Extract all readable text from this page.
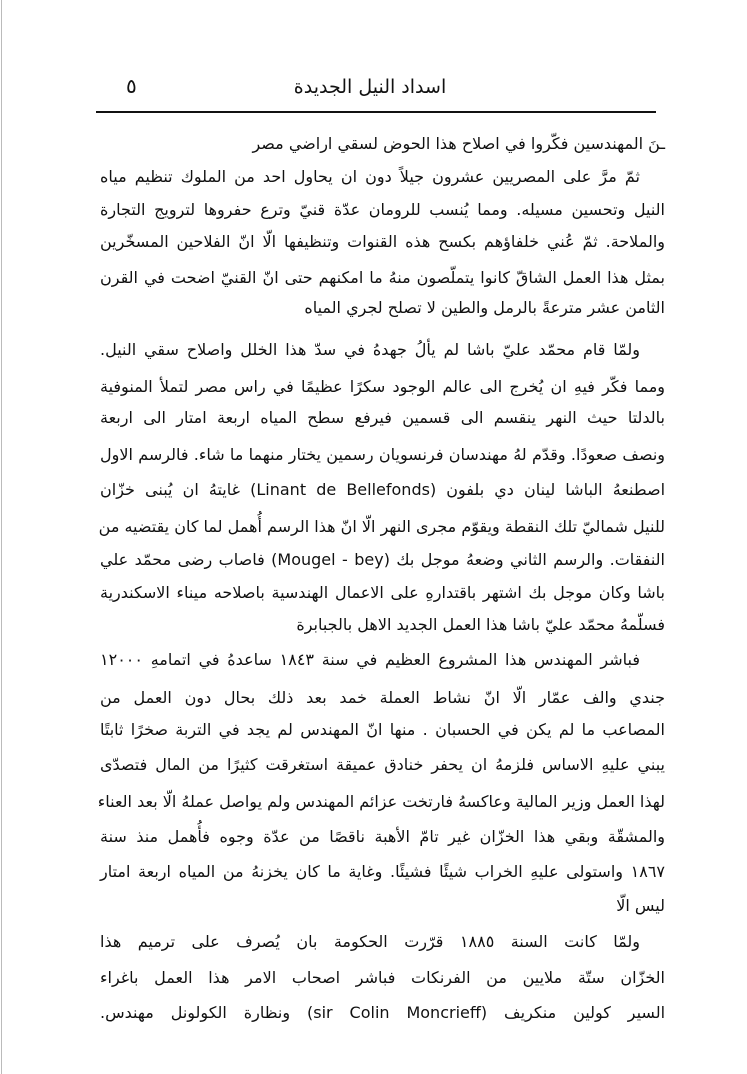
٥	اسداد النيل الجديدة
ـنَ المهندسين فكّروا في اصلاح هذا الحوض لسقي اراضي مصر
ثمّ مرَّ على المصريين عشرون جيلاً دون ان يحاول احد من الملوك تنظيم مياه
النيل وتحسين مسيله. ومما يُنسب للرومان عدّة قنيّ وترع حفروها لترويج التجارة
والملاحة. ثمّ عُني خلفاؤهم بكسح هذه القنوات وتنظيفها الّا انّ الفلاحين المسخّرين
بمثل هذا العمل الشاقّ كانوا يتملّصون منهُ ما امكنهم حتى انّ القنيّ اضحت في القرن
الثامن عشر مترعةً بالرمل والطين لا تصلح لجري المياه
ولمّا قام محمّد عليّ باشا لم يألُ جهدهُ في سدّ هذا الخلل واصلاح سقي النيل.
ومما فكّر فيهِ ان يُخرج الى عالم الوجود سكرًا عظيمًا في راس مصر لتملأ المنوفية
بالدلتا حيث النهر ينقسم الى قسمين فيرفع سطح المياه اربعة امتار الى اربعة
ونصف صعودًا. وقدّم لهُ مهندسان فرنسويان رسمين يختار منهما ما شاء. فالرسم الاول
اصطنعهُ الباشا لينان دي بلفون (Linant de Bellefonds) غايتهُ ان يُبنى خزّان
للنيل شماليّ تلك النقطة ويقوّم مجرى النهر الّا انّ هذا الرسم أُهمل لما كان يقتضيه من
النفقات. والرسم الثاني وضعهُ موجل بك (Mougel - bey) فاصاب رضى محمّد علي
باشا وكان موجل بك اشتهر باقتدارهِ على الاعمال الهندسية باصلاحه ميناء الاسكندرية
فسلّمهُ محمّد عليّ باشا هذا العمل الجديد الاهل بالجبابرة
فباشر المهندس هذا المشروع العظيم في سنة ١٨٤٣ ساعدهُ في اتمامهِ ١٢٠٠٠
جندي والف عمّار الّا انّ نشاط العملة خمد بعد ذلك بحال دون العمل من
المصاعب ما لم يكن في الحسبان . منها انّ المهندس لم يجد في التربة صخرًا ثابتًا
يبني عليهِ الاساس فلزمهُ ان يحفر خنادق عميقة استغرقت كثيرًا من المال فتصدّى
لهذا العمل وزير المالية وعاكسهُ فارتخت عزائم المهندس ولم يواصل عملهُ الّا بعد العناء
والمشقّة وبقي هذا الخزّان غير تامّ الأهبة ناقصًا من عدّة وجوه فأُهمل منذ سنة
١٨٦٧ واستولى عليهِ الخراب شيئًا فشيئًا. وغاية ما كان يخزنهُ من المياه اربعة امتار
ليس الّا
ولمّا كانت السنة ١٨٨٥ قرّرت الحكومة بان يُصرف على ترميم هذا
الخزّان ستّة ملايين من الفرنكات فباشر اصحاب الامر هذا العمل باغراء
السير كولين منكريف (sir Colin Moncrieff) ونظارة الكولونل مهندس.
